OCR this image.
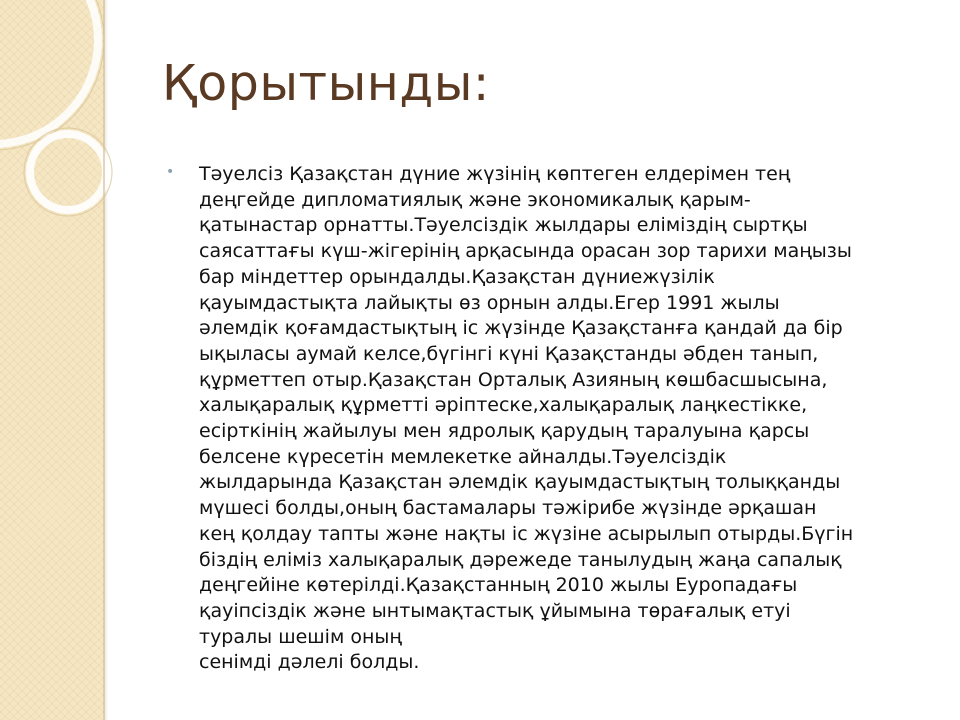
Қорытынды:
• Тәуелсіз Қазақстан дүние жүзінің көптеген елдерімен тең
деңгейде дипломатиялық және экономикалық қарым-
қатынастар орнатты.Тәуелсіздік жылдары еліміздің сыртқы
саясаттағы күш-жігерінің арқасында орасан зор тарихи маңызы
бар міндеттер орындалды.Қазақстан дүниежүзілік
қауымдастықта лайықты өз орнын алды.Егер 1991 жылы
әлемдік қоғамдастықтың іс жүзінде Қазақстанға қандай да бір
ықыласы аумай келсе,бүгінгі күні Қазақстанды әбден танып,
құрметтеп отыр.Қазақстан Орталық Азияның көшбасшысына,
халықаралық құрметті әріптеске,халықаралық лаңкестікке,
есірткінің жайылуы мен ядролық қарудың таралуына қарсы
белсене күресетін мемлекетке айналды.Тәуелсіздік
жылдарында Қазақстан әлемдік қауымдастықтың толыққанды
мүшесі болды,оның бастамалары тәжірибе жүзінде әрқашан
кең қолдау тапты және нақты іс жүзіне асырылып отырды.Бүгін
біздің еліміз халықаралық дәрежеде танылудың жаңа сапалық
деңгейіне көтерілді.Қазақстанның 2010 жылы Еуропадағы
қауіпсіздік және ынтымақтастық ұйымына төрағалық етуі
туралы шешім оның
сенімді дәлелі болды.
